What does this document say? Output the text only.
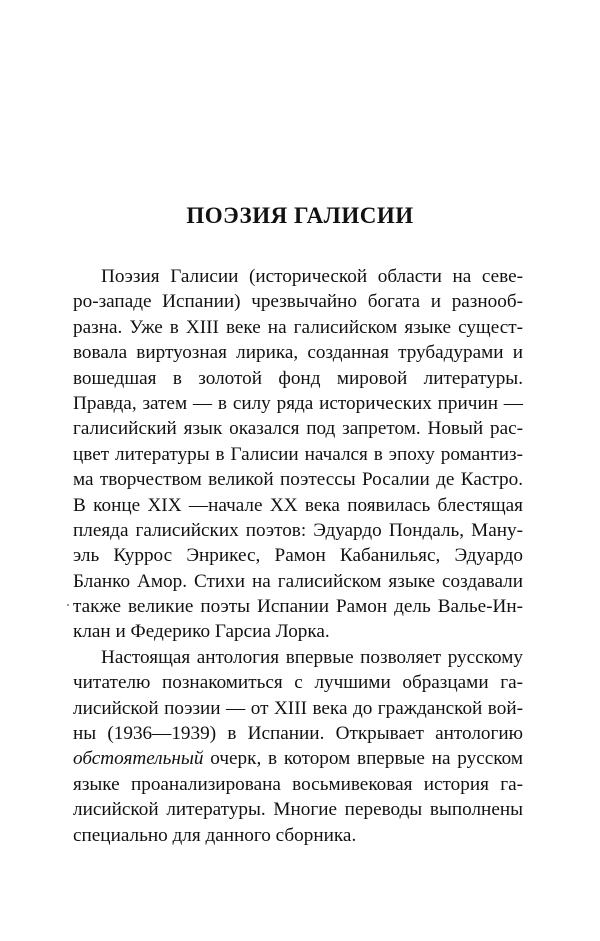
ПОЭЗИЯ ГАЛИСИИ

Поэзия Галисии (исторической области на севе-
ро-западе Испании) чрезвычайно богата и разнооб-
разна. Уже в XIII веке на галисийском языке сущест-
вовала виртуозная лирика, созданная трубадурами и
вошедшая в золотой фонд мировой литературы.
Правда, затем — в силу ряда исторических причин —
галисийский язык оказался под запретом. Новый рас-
цвет литературы в Галисии начался в эпоху романтиз-
ма творчеством великой поэтессы Росалии де Кастро.
В конце XIX —начале XX века появилась блестящая
плеяда галисийских поэтов: Эдуардо Пондаль, Ману-
эль Куррос Энрикес, Рамон Кабанильяс, Эдуардо
Бланко Амор. Стихи на галисийском языке создавали
также великие поэты Испании Рамон дель Валье-Ин-
клан и Федерико Гарсиа Лорка.

Настоящая антология впервые позволяет русскому
читателю познакомиться с лучшими образцами га-
лисийской поэзии — от XIII века до гражданской вой-
ны (1936—1939) в Испании. Открывает антологию
обстоятельный очерк, в котором впервые на русском
языке проанализирована восьмивековая история га-
лисийской литературы. Многие переводы выполнены
специально для данного сборника.
